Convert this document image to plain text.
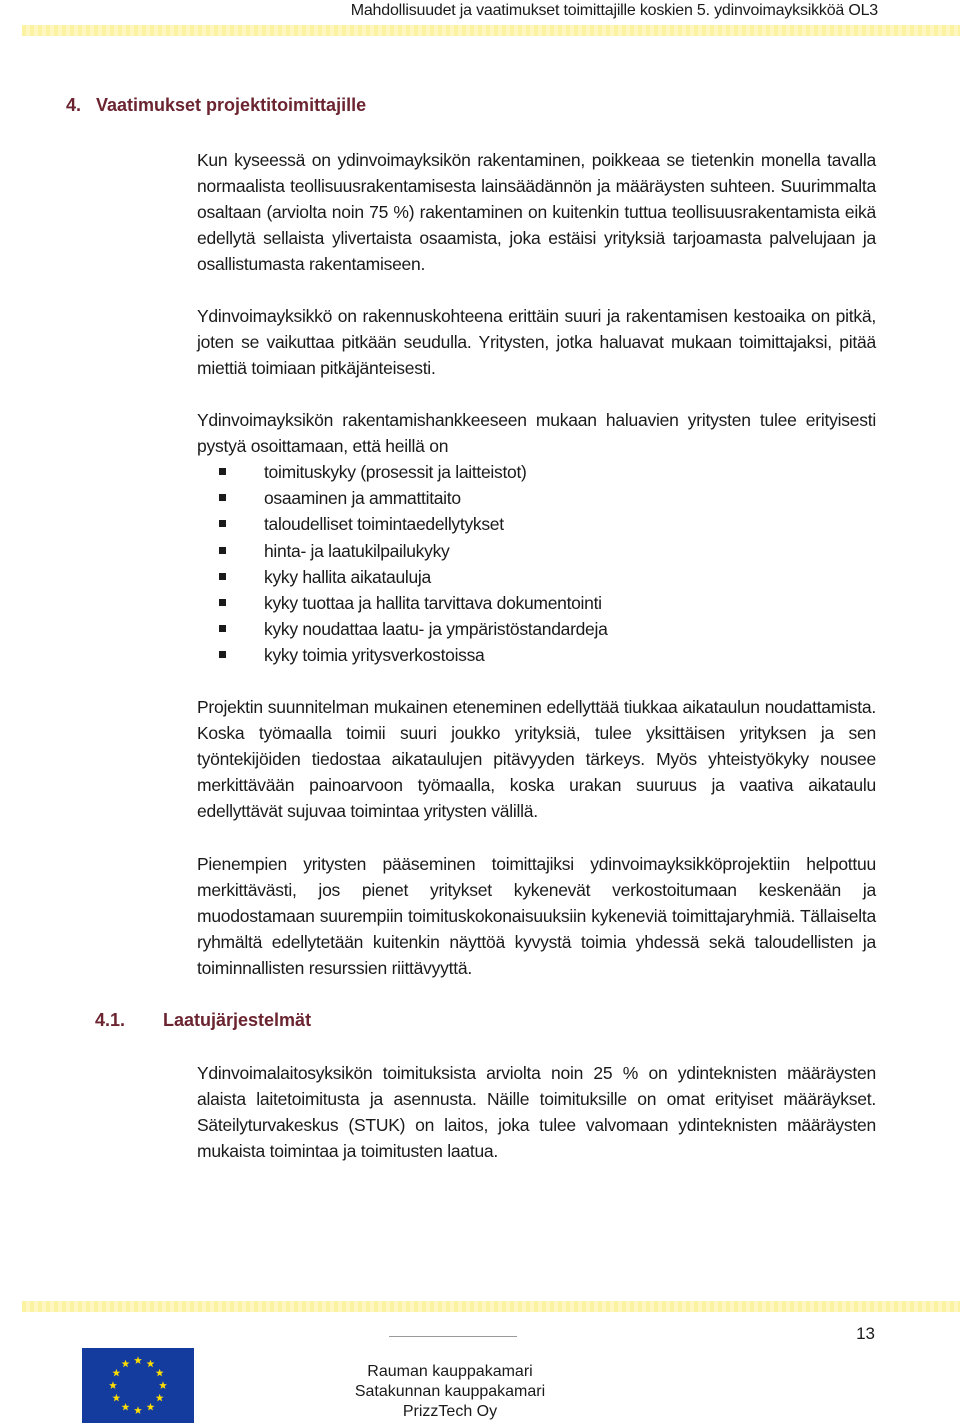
Mahdollisuudet ja vaatimukset toimittajille koskien 5. ydinvoimayksikköä OL3
4. Vaatimukset projektitoimittajille

Kun kyseessä on ydinvoimayksikön rakentaminen, poikkeaa se tietenkin monella tavalla normaalista teollisuusrakentamisesta lainsäädännön ja määräysten suhteen. Suurimmalta osaltaan (arviolta noin 75 %) rakentaminen on kuitenkin tuttua teollisuusrakentamista eikä edellytä sellaista ylivertaista osaamista, joka estäisi yrityksiä tarjoamasta palvelujaan ja osallistumasta rakentamiseen.

Ydinvoimayksikkö on rakennuskohteena erittäin suuri ja rakentamisen kestoaika on pitkä, joten se vaikuttaa pitkään seudulla. Yritysten, jotka haluavat mukaan toimittajaksi, pitää miettiä toimiaan pitkäjänteisesti.

Ydinvoimayksikön rakentamishankkeeseen mukaan haluavien yritysten tulee erityisesti pystyä osoittamaan, että heillä on

toimituskyky (prosessit ja laitteistot)
osaaminen ja ammattitaito
taloudelliset toimintaedellytykset
hinta- ja laatukilpailukyky
kyky hallita aikatauluja
kyky tuottaa ja hallita tarvittava dokumentointi
kyky noudattaa laatu- ja ympäristöstandardeja
kyky toimia yritysverkostoissa

Projektin suunnitelman mukainen eteneminen edellyttää tiukkaa aikataulun noudattamista. Koska työmaalla toimii suuri joukko yrityksiä, tulee yksittäisen yrityksen ja sen työntekijöiden tiedostaa aikataulujen pitävyyden tärkeys. Myös yhteistyökyky nousee merkittävään painoarvoon työmaalla, koska urakan suuruus ja vaativa aikataulu edellyttävät sujuvaa toimintaa yritysten välillä.

Pienempien yritysten pääseminen toimittajiksi ydinvoimayksikköprojektiin helpottuu merkittävästi, jos pienet yritykset kykenevät verkostoitumaan keskenään ja muodostamaan suurempiin toimituskokonaisuuksiin kykeneviä toimittajaryhmiä. Tällaiselta ryhmältä edellytetään kuitenkin näyttöä kyvystä toimia yhdessä sekä taloudellisten ja toiminnallisten resurssien riittävyyttä.

4.1. Laatujärjestelmät

Ydinvoimalaitosyksikön toimituksista arviolta noin 25 % on ydinteknisten määräysten alaista laitetoimitusta ja asennusta. Näille toimituksille on omat erityiset määräykset. Säteilyturvakeskus (STUK) on laitos, joka tulee valvomaan ydinteknisten määräysten mukaista toimintaa ja toimitusten laatua.

13
Rauman kauppakamari
Satakunnan kauppakamari
PrizzTech Oy
